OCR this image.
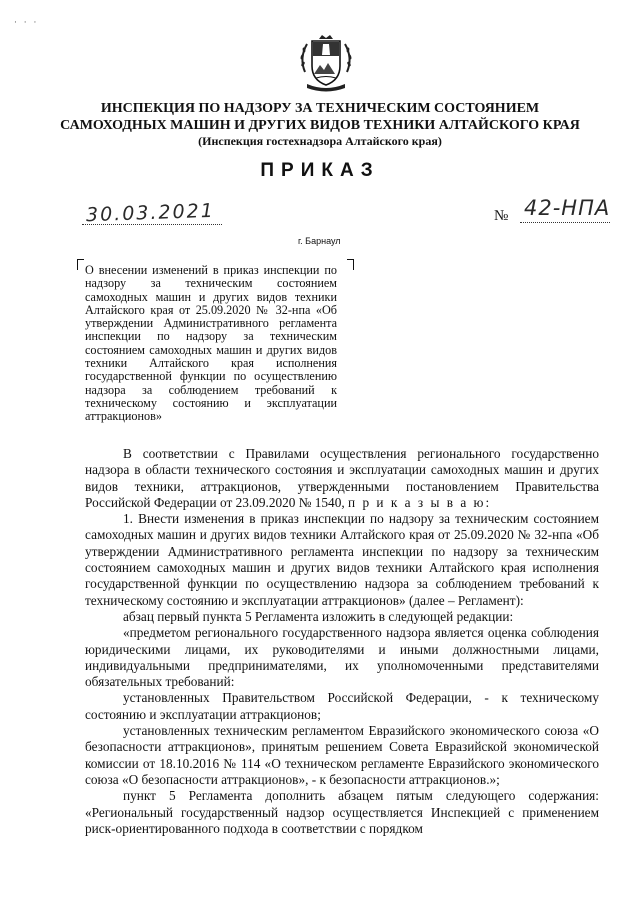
· · ·
ИНСПЕКЦИЯ ПО НАДЗОРУ ЗА ТЕХНИЧЕСКИМ СОСТОЯНИЕМ
САМОХОДНЫХ МАШИН И ДРУГИХ ВИДОВ ТЕХНИКИ АЛТАЙСКОГО КРАЯ
(Инспекция гостехнадзора Алтайского края)
ПРИКАЗ
30.03.2021	№ 42-НПА
г. Барнаул
О внесении изменений в приказ инспекции по надзору за техническим состоянием самоходных машин и других видов техники Алтайского края от 25.09.2020 № 32-нпа «Об утверждении Административного регламента инспекции по надзору за техническим состоянием самоходных машин и других видов техники Алтайского края исполнения государственной функции по осуществлению надзора за соблюдением требований к техническому состоянию и эксплуатации аттракционов»

В соответствии с Правилами осуществления регионального государственно надзора в области технического состояния и эксплуатации самоходных машин и других видов техники, аттракционов, утвержденными постановлением Правительства Российской Федерации от 23.09.2020 № 1540, п р и к а з ы в а ю:

1. Внести изменения в приказ инспекции по надзору за техническим состоянием самоходных машин и других видов техники Алтайского края от 25.09.2020 № 32-нпа «Об утверждении Административного регламента инспекции по надзору за техническим состоянием самоходных машин и других видов техники Алтайского края исполнения государственной функции по осуществлению надзора за соблюдением требований к техническому состоянию и эксплуатации аттракционов» (далее – Регламент):

абзац первый пункта 5 Регламента изложить в следующей редакции:

«предметом регионального государственного надзора является оценка соблюдения юридическими лицами, их руководителями и иными должностными лицами, индивидуальными предпринимателями, их уполномоченными представителями обязательных требований:

установленных Правительством Российской Федерации, - к техническому состоянию и эксплуатации аттракционов;

установленных техническим регламентом Евразийского экономического союза «О безопасности аттракционов», принятым решением Совета Евразийской экономической комиссии от 18.10.2016 № 114 «О техническом регламенте Евразийского экономического союза «О безопасности аттракционов», - к безопасности аттракционов.»;

пункт 5 Регламента дополнить абзацем пятым следующего содержания: «Региональный государственный надзор осуществляется Инспекцией с применением риск-ориентированного подхода в соответствии с порядком
